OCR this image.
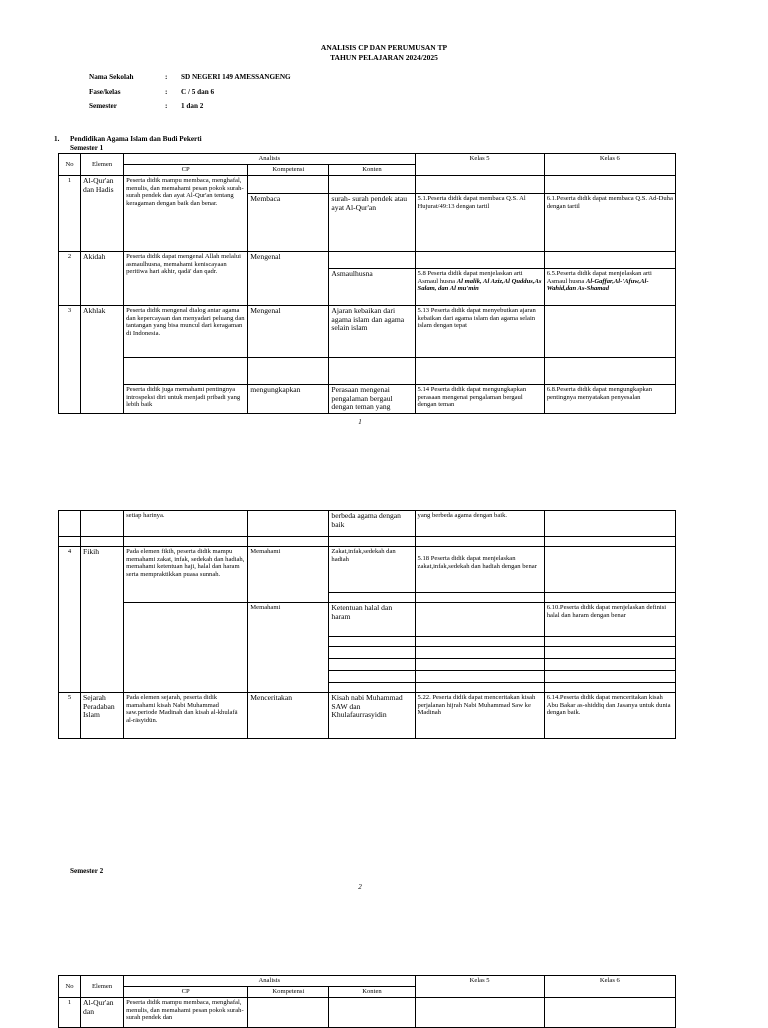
ANALISIS CP DAN PERUMUSAN TP
TAHUN PELAJARAN 2024/2025
Nama Sekolah	: SD NEGERI 149 AMESSANGENG
Fase/kelas	: C / 5 dan 6
Semester	: 1 dan 2
1. Pendidikan Agama Islam dan Budi Pekerti
Semester 1
No	Elemen	Analisis			Kelas 5	Kelas 6
		CP	Kompetensi	Konten		
1	Al-Qur'an dan Hadis	Peserta didik mampu membaca, menghafal, menulis, dan memahami pesan pokok surah- surah pendek dan ayat Al-Qur'an tentang keragaman dengan baik dan benar.				
			Membaca	surah- surah pendek atau ayat Al-Qur'an	5.1.Peserta didik dapat membaca Q.S. Al Hujurat/49:13 dengan tartil	6.1.Peserta didik dapat membaca Q.S. Ad-Duha dengan tartil
2	Akidah	Peserta didik dapat mengenal Allah melalui asmaulhusna, memahami keniscayaan peritiwa hari akhir, qadā' dan qadr.	Mengenal			
				Asmaulhusna	5.8 Peserta didik dapat menjelaskan arti Asmaul husna Al malik, Al Aziz,Al Quddus,As Salam, dan Al mu'min	6.5.Peserta didik dapat menjelaskan arti Asmaul husna Al-Gaffar,Al-'Afuw,Al-Wahid,dan As-Shamad
3	Akhlak	Peserta didik mengenal dialog antar agama dan kepercayaan dan menyadari peluang dan tantangan yang bisa muncul dari keragaman di Indonesia.	Mengenal	Ajaran kebaikan dari agama islam dan agama selain islam	5.13 Peserta didik dapat menyebutkan ajaran kebaikan dari agama islam dan agama selain islam dengan tepat	

		Peserta didik juga memahami pentingnya introspeksi diri untuk menjadi pribadi yang lebih baik	mengungkapkan	Perasaan mengenai pengalaman bergaul dengan teman yang	5.14 Peserta didik dapat mengungkapkan perasaan mengenai pengalaman bergaul dengan teman	6.8.Peserta didik dapat mengungkapkan pentingnya menyatakan penyesalan
1
		setiap harinya.		berbeda agama dengan baik	yang berbeda agama dengan baik.	

4	Fikih	Pada elemen fikih, peserta didik mampu memahami zakat, infak, sedekah dan hadiah, memahami ketentuan haji, halal dan haram serta mempraktikkan puasa sunnah.	Memahami	Zakat,infak,sedekah dan hadiah	5.18 Peserta didik dapat menjelaskan zakat,infak,sedekah dan hadiah dengan benar	

			Memahami	Ketentuan halal dan haram		6.10.Peserta didik dapat menjelaskan definisi halal dan haram dengan benar

5	Sejarah Peradaban Islam	Pada elemen sejarah, peserta didik mamahami kisah Nabi Muhammad saw.periode Madinah dan kisah al-khulafā al-rāsyidūn.	Menceritakan	Kisah nabi Muhammad SAW dan Khulafaurrasyidin	5.22. Peserta didik dapat menceritakan kisah perjalanan hijrah Nabi Muhammad Saw ke Madinah	6.14.Peserta didik dapat menceritakan kisah Abu Bakar as-shiddiq dan Jasanya untuk dunia dengan baik.
Semester 2
2
No	Elemen	Analisis			Kelas 5	Kelas 6
		CP	Kompetensi	Konten		
1	Al-Qur'an dan	Peserta didik mampu membaca, menghafal, menulis, dan memahami pesan pokok surah- surah pendek dan				
